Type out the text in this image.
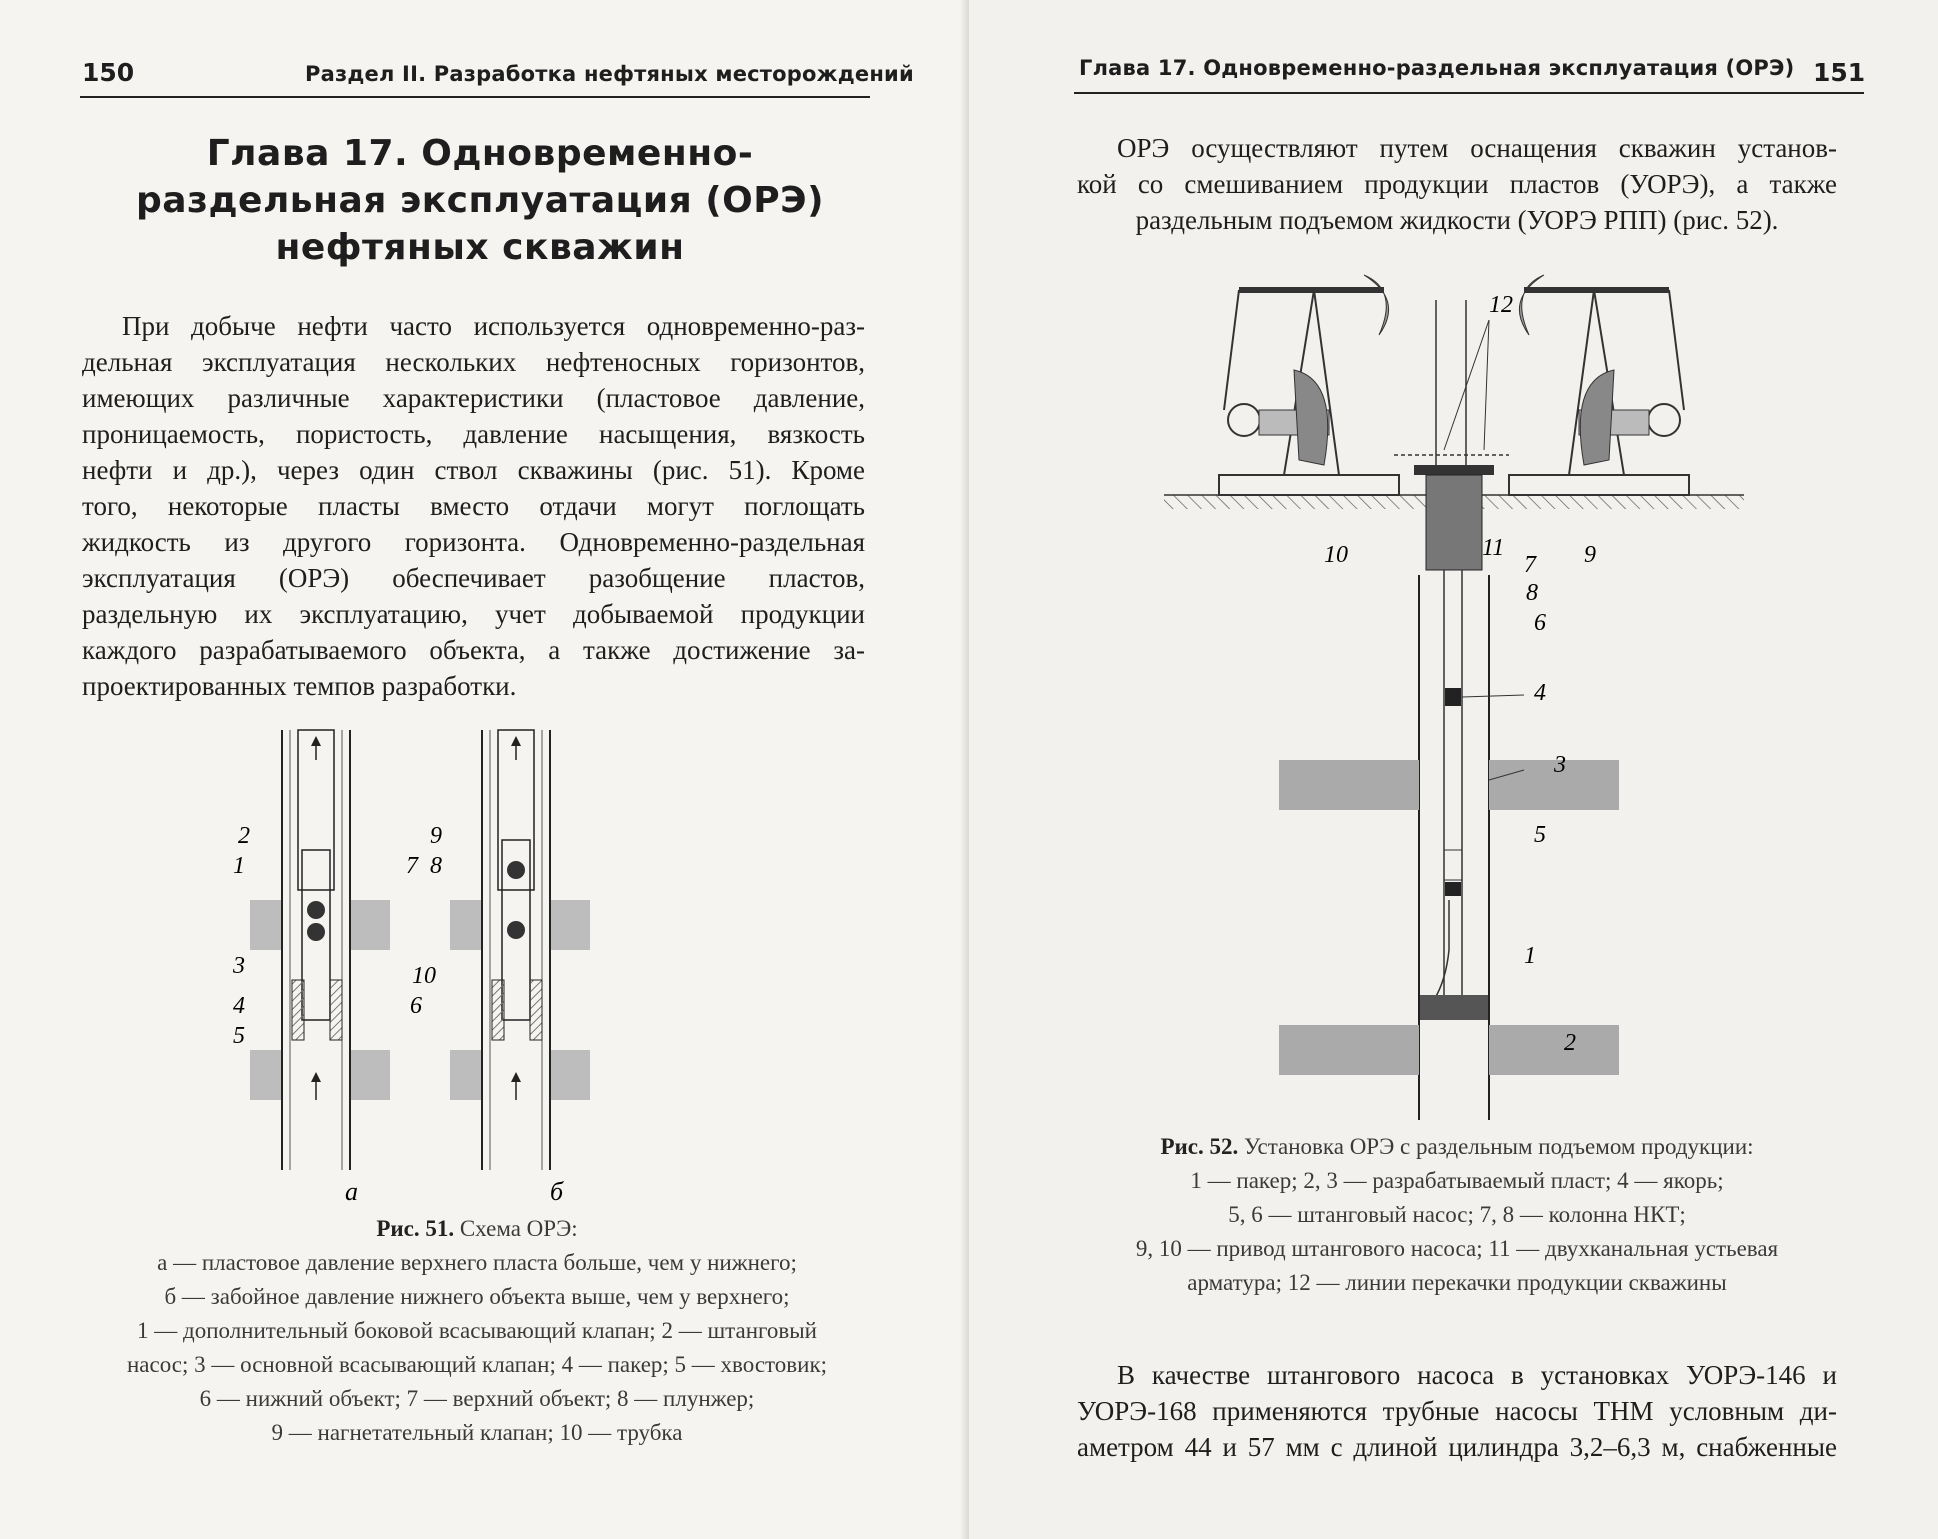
150	Раздел II. Разработка нефтяных месторождений
Глава 17. Одновременно-
раздельная эксплуатация (ОРЭ)
нефтяных скважин

При добыче нефти часто используется одновременно-раз-
дельная эксплуатация нескольких нефтеносных горизонтов,
имеющих различные характеристики (пластовое давление,
проницаемость, пористость, давление насыщения, вязкость
нефти и др.), через один ствол скважины (рис. 51). Кроме
того, некоторые пласты вместо отдачи могут поглощать
жидкость из другого горизонта. Одновременно-раздельная
эксплуатация (ОРЭ) обеспечивает разобщение пластов,
раздельную их эксплуатацию, учет добываемой продукции
каждого разрабатываемого объекта, а также достижение за-
проектированных темпов разработки.

2
1	7
3
4
5
6
а
9
8
10
б

Рис. 51. Схема ОРЭ:
а — пластовое давление верхнего пласта больше, чем у нижнего;
б — забойное давление нижнего объекта выше, чем у верхнего;
1 — дополнительный боковой всасывающий клапан; 2 — штанговый
насос; 3 — основной всасывающий клапан; 4 — пакер; 5 — хвостовик;
6 — нижний объект; 7 — верхний объект; 8 — плунжер;
9 — нагнетательный клапан; 10 — трубка

Глава 17. Одновременно-раздельная эксплуатация (ОРЭ) 151

ОРЭ осуществляют путем оснащения скважин установ-
кой со смешиванием продукции пластов (УОРЭ), а также
раздельным подъемом жидкости (УОРЭ РПП) (рис. 52).

12
11
10	9
7
8
6
4
3
5
1
2

Рис. 52. Установка ОРЭ с раздельным подъемом продукции:
1 — пакер; 2, 3 — разрабатываемый пласт; 4 — якорь;
5, 6 — штанговый насос; 7, 8 — колонна НКТ;
9, 10 — привод штангового насоса; 11 — двухканальная устьевая
арматура; 12 — линии перекачки продукции скважины

В качестве штангового насоса в установках УОРЭ-146 и
УОРЭ-168 применяются трубные насосы ТНМ условным ди-
аметром 44 и 57 мм с длиной цилиндра 3,2–6,3 м, снабженные
